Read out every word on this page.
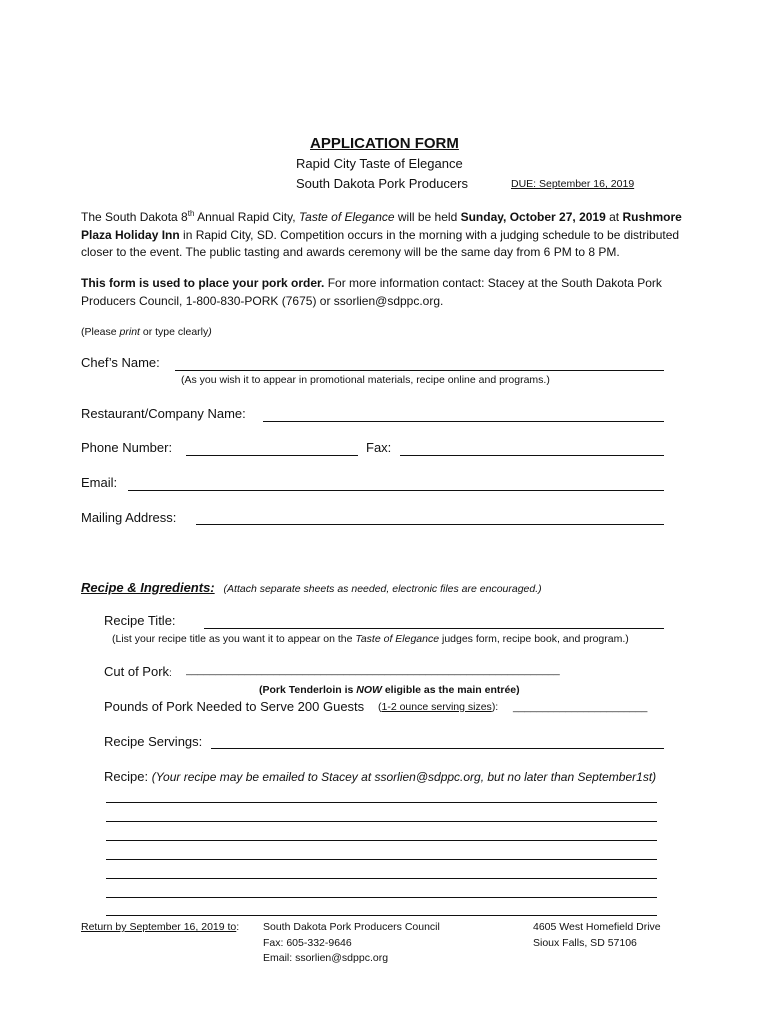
APPLICATION FORM
Rapid City Taste of Elegance
South Dakota Pork Producers	DUE: September 16, 2019
The South Dakota 8th Annual Rapid City, Taste of Elegance will be held Sunday, October 27, 2019 at Rushmore Plaza Holiday Inn in Rapid City, SD. Competition occurs in the morning with a judging schedule to be distributed closer to the event. The public tasting and awards ceremony will be the same day from 6 PM to 8 PM.
This form is used to place your pork order. For more information contact: Stacey at the South Dakota Pork Producers Council, 1-800-830-PORK (7675) or ssorlien@sdppc.org.
(Please print or type clearly)
Chef’s Name:
(As you wish it to appear in promotional materials, recipe online and programs.)
Restaurant/Company Name:
Phone Number:	Fax:
Email:
Mailing Address:
Recipe & Ingredients: (Attach separate sheets as needed, electronic files are encouraged.)
Recipe Title:
(List your recipe title as you want it to appear on the Taste of Elegance judges form, recipe book, and program.)
Cut of Pork: ________________________________________________________________
(Pork Tenderloin is NOW eligible as the main entrée)
Pounds of Pork Needed to Serve 200 Guests (1-2 ounce serving sizes): _______________________
Recipe Servings:
Recipe: (Your recipe may be emailed to Stacey at ssorlien@sdppc.org, but no later than September1st)
Return by September 16, 2019 to: South Dakota Pork Producers Council
Fax: 605-332-9646
Email: ssorlien@sdppc.org
4605 West Homefield Drive
Sioux Falls, SD 57106
